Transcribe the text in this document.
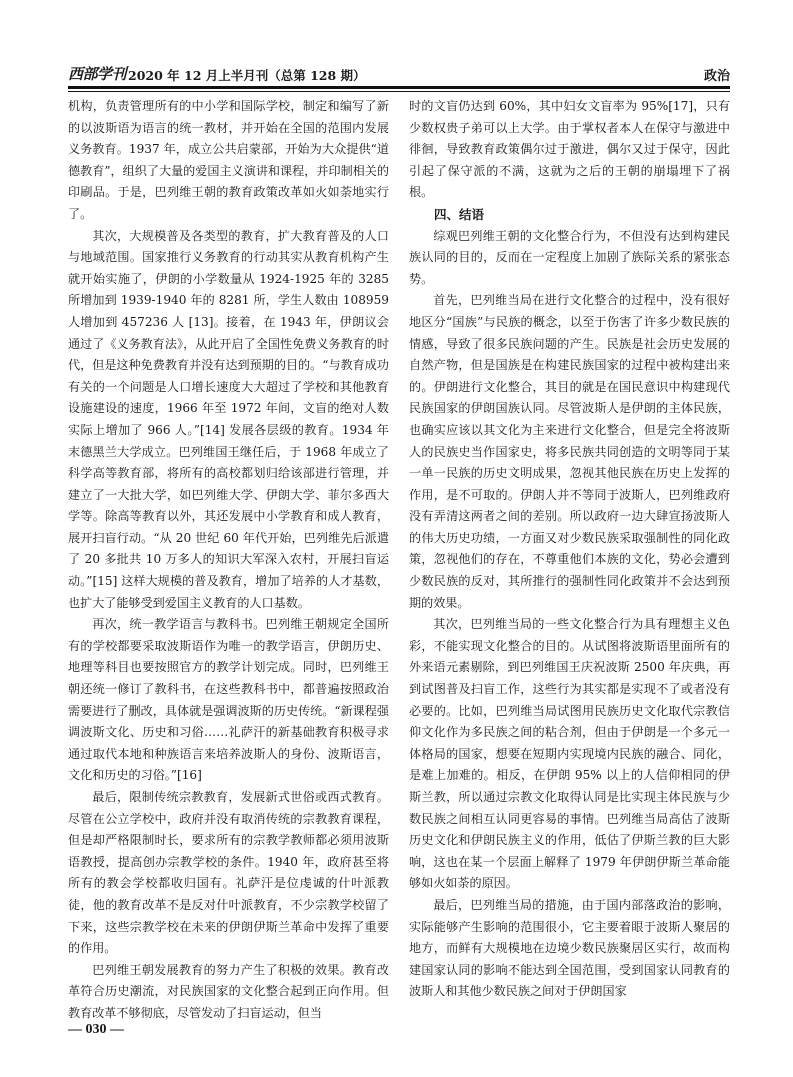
西部学刊 2020 年 12 月上半月刊（总第 128 期）	政治

机构，负责管理所有的中小学和国际学校，制定和编写了新的以波斯语为语言的统一教材，并开始在全国的范围内发展义务教育。1937 年，成立公共启蒙部，开始为大众提供“道德教育”，组织了大量的爱国主义演讲和课程，并印制相关的印刷品。于是，巴列维王朝的教育政策改革如火如荼地实行了。

其次，大规模普及各类型的教育，扩大教育普及的人口与地域范围。国家推行义务教育的行动其实从教育机构产生就开始实施了，伊朗的小学数量从 1924-1925 年的 3285 所增加到 1939-1940 年的 8281 所，学生人数由 108959 人增加到 457236 人 [13]。接着，在 1943 年，伊朗议会通过了《义务教育法》，从此开启了全国性免费义务教育的时代，但是这种免费教育并没有达到预期的目的。“与教育成功有关的一个问题是人口增长速度大大超过了学校和其他教育设施建设的速度，1966 年至 1972 年间，文盲的绝对人数实际上增加了 966 人。”[14] 发展各层级的教育。1934 年末德黑兰大学成立。巴列维国王继任后，于 1968 年成立了科学高等教育部，将所有的高校都划归给该部进行管理，并建立了一大批大学，如巴列维大学、伊朗大学、菲尔多西大学等。除高等教育以外，其还发展中小学教育和成人教育，展开扫盲行动。“从 20 世纪 60 年代开始，巴列维先后派遣了 20 多批共 10 万多人的知识大军深入农村，开展扫盲运动。”[15] 这样大规模的普及教育，增加了培养的人才基数，也扩大了能够受到爱国主义教育的人口基数。

再次，统一教学语言与教科书。巴列维王朝规定全国所有的学校都要采取波斯语作为唯一的教学语言，伊朗历史、地理等科目也要按照官方的教学计划完成。同时，巴列维王朝还统一修订了教科书，在这些教科书中，都普遍按照政治需要进行了删改，具体就是强调波斯的历史传统。“新课程强调波斯文化、历史和习俗……礼萨汗的新基础教育积极寻求通过取代本地和种族语言来培养波斯人的身份、波斯语言，文化和历史的习俗。”[16]

最后，限制传统宗教教育，发展新式世俗或西式教育。尽管在公立学校中，政府并没有取消传统的宗教教育课程，但是却严格限制时长，要求所有的宗教学教师都必须用波斯语教授，提高创办宗教学校的条件。1940 年，政府甚至将所有的教会学校都收归国有。礼萨汗是位虔诚的什叶派教徒，他的教育改革不是反对什叶派教育，不少宗教学校留了下来，这些宗教学校在未来的伊朗伊斯兰革命中发挥了重要的作用。

巴列维王朝发展教育的努力产生了积极的效果。教育改革符合历史潮流，对民族国家的文化整合起到正向作用。但教育改革不够彻底，尽管发动了扫盲运动，但当

时的文盲仍达到 60%，其中妇女文盲率为 95%[17]，只有少数权贵子弟可以上大学。由于掌权者本人在保守与激进中徘徊，导致教育政策偶尔过于激进，偶尔又过于保守，因此引起了保守派的不满，这就为之后的王朝的崩塌埋下了祸根。

四、结语

综观巴列维王朝的文化整合行为，不但没有达到构建民族认同的目的，反而在一定程度上加剧了族际关系的紧张态势。

首先，巴列维当局在进行文化整合的过程中，没有很好地区分“国族”与民族的概念，以至于伤害了许多少数民族的情感，导致了很多民族问题的产生。民族是社会历史发展的自然产物，但是国族是在构建民族国家的过程中被构建出来的。伊朗进行文化整合，其目的就是在国民意识中构建现代民族国家的伊朗国族认同。尽管波斯人是伊朗的主体民族，也确实应该以其文化为主来进行文化整合，但是完全将波斯人的民族史当作国家史，将多民族共同创造的文明等同于某一单一民族的历史文明成果，忽视其他民族在历史上发挥的作用，是不可取的。伊朗人并不等同于波斯人，巴列维政府没有弄清这两者之间的差别。所以政府一边大肆宣扬波斯人的伟大历史功绩，一方面又对少数民族采取强制性的同化政策，忽视他们的存在，不尊重他们本族的文化，势必会遭到少数民族的反对，其所推行的强制性同化政策并不会达到预期的效果。

其次，巴列维当局的一些文化整合行为具有理想主义色彩，不能实现文化整合的目的。从试图将波斯语里面所有的外来语元素剔除，到巴列维国王庆祝波斯 2500 年庆典，再到试图普及扫盲工作，这些行为其实都是实现不了或者没有必要的。比如，巴列维当局试图用民族历史文化取代宗教信仰文化作为多民族之间的粘合剂，但由于伊朗是一个多元一体格局的国家，想要在短期内实现境内民族的融合、同化，是难上加难的。相反，在伊朗 95% 以上的人信仰相同的伊斯兰教，所以通过宗教文化取得认同是比实现主体民族与少数民族之间相互认同更容易的事情。巴列维当局高估了波斯历史文化和伊朗民族主义的作用，低估了伊斯兰教的巨大影响，这也在某一个层面上解释了 1979 年伊朗伊斯兰革命能够如火如荼的原因。

最后，巴列维当局的措施，由于国内部落政治的影响，实际能够产生影响的范围很小，它主要着眼于波斯人聚居的地方，而鲜有大规模地在边境少数民族聚居区实行，故而构建国家认同的影响不能达到全国范围，受到国家认同教育的波斯人和其他少数民族之间对于伊朗国家

— 030 —
